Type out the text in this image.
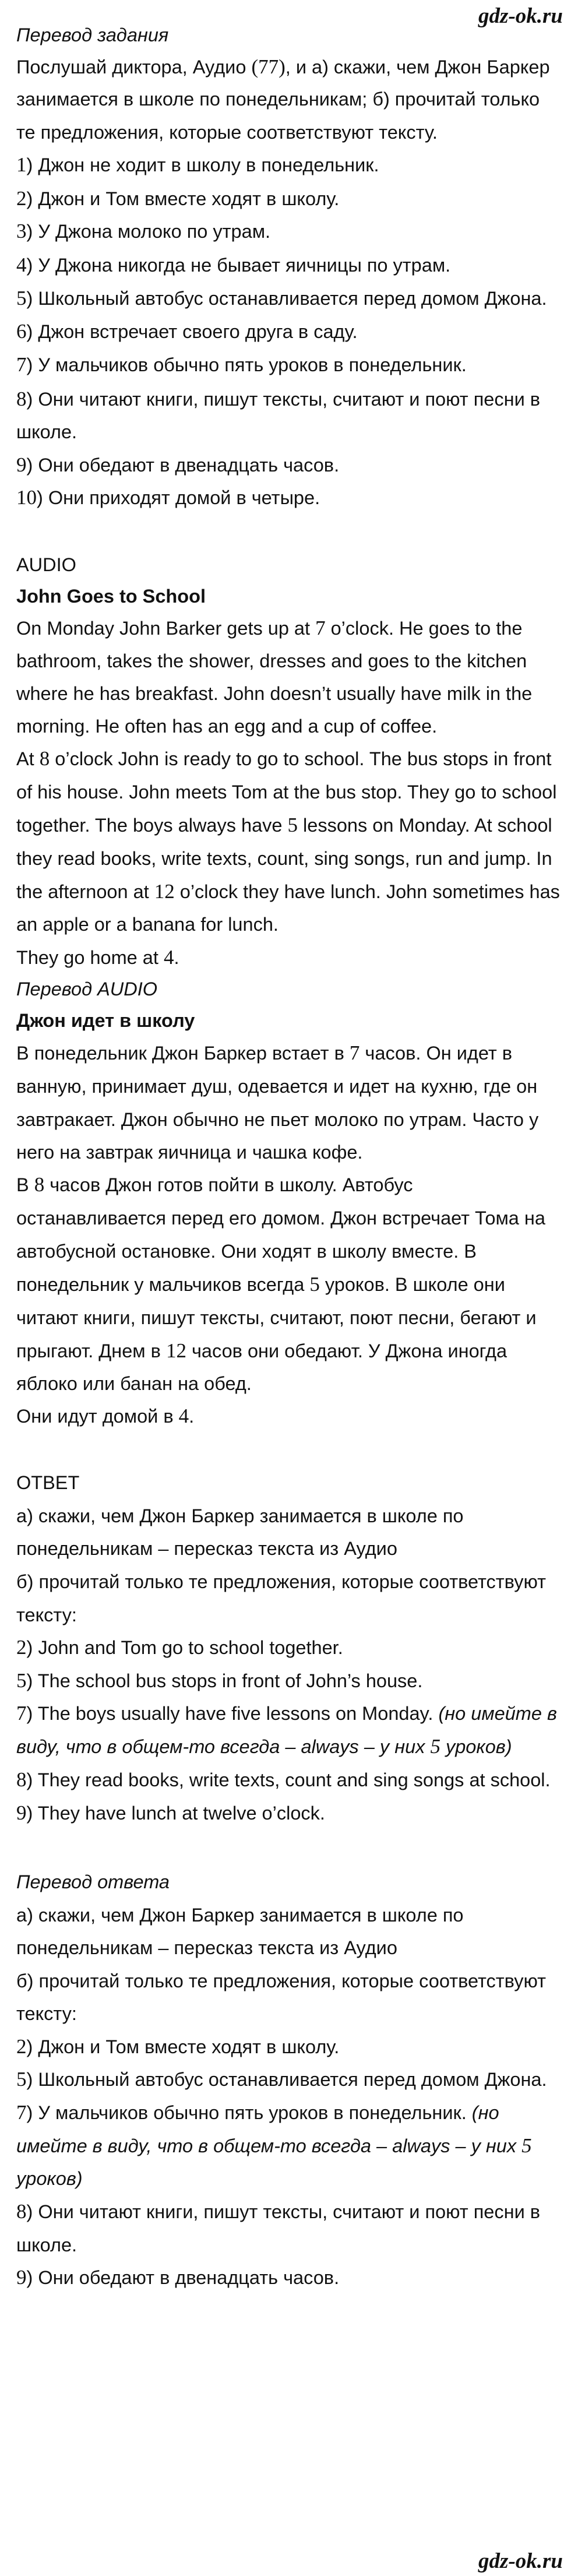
gdz-ok.ru
Перевод задания
Послушай диктора, Аудио (77), и а) скажи, чем Джон Баркер
занимается в школе по понедельникам; б) прочитай только
те предложения, которые соответствуют тексту.
1) Джон не ходит в школу в понедельник.
2) Джон и Том вместе ходят в школу.
3) У Джона молоко по утрам.
4) У Джона никогда не бывает яичницы по утрам.
5) Школьный автобус останавливается перед домом Джона.
6) Джон встречает своего друга в саду.
7) У мальчиков обычно пять уроков в понедельник.
8) Они читают книги, пишут тексты, считают и поют песни в
школе.
9) Они обедают в двенадцать часов.
10) Они приходят домой в четыре.
AUDIO
John Goes to School
On Monday John Barker gets up at 7 o’clock. He goes to the
bathroom, takes the shower, dresses and goes to the kitchen
where he has breakfast. John doesn’t usually have milk in the
morning. He often has an egg and a cup of coffee.
At 8 o’clock John is ready to go to school. The bus stops in front
of his house. John meets Tom at the bus stop. They go to school
together. The boys always have 5 lessons on Monday. At school
they read books, write texts, count, sing songs, run and jump. In
the afternoon at 12 o’clock they have lunch. John sometimes has
an apple or a banana for lunch.
They go home at 4.
Перевод AUDIO
Джон идет в школу
В понедельник Джон Баркер встает в 7 часов. Он идет в
ванную, принимает душ, одевается и идет на кухню, где он
завтракает. Джон обычно не пьет молоко по утрам. Часто у
него на завтрак яичница и чашка кофе.
В 8 часов Джон готов пойти в школу. Автобус
останавливается перед его домом. Джон встречает Тома на
автобусной остановке. Они ходят в школу вместе. В
понедельник у мальчиков всегда 5 уроков. В школе они
читают книги, пишут тексты, считают, поют песни, бегают и
прыгают. Днем в 12 часов они обедают. У Джона иногда
яблоко или банан на обед.
Они идут домой в 4.
ОТВЕТ
а) скажи, чем Джон Баркер занимается в школе по
понедельникам – пересказ текста из Аудио
б) прочитай только те предложения, которые соответствуют
тексту:
2) John and Tom go to school together.
5) The school bus stops in front of John’s house.
7) The boys usually have five lessons on Monday. (но имейте в
виду, что в общем-то всегда – always – у них 5 уроков)
8) They read books, write texts, count and sing songs at school.
9) They have lunch at twelve o’clock.
Перевод ответа
а) скажи, чем Джон Баркер занимается в школе по
понедельникам – пересказ текста из Аудио
б) прочитай только те предложения, которые соответствуют
тексту:
2) Джон и Том вместе ходят в школу.
5) Школьный автобус останавливается перед домом Джона.
7) У мальчиков обычно пять уроков в понедельник. (но
имейте в виду, что в общем-то всегда – always – у них 5
уроков)
8) Они читают книги, пишут тексты, считают и поют песни в
школе.
9) Они обедают в двенадцать часов.
gdz-ok.ru
